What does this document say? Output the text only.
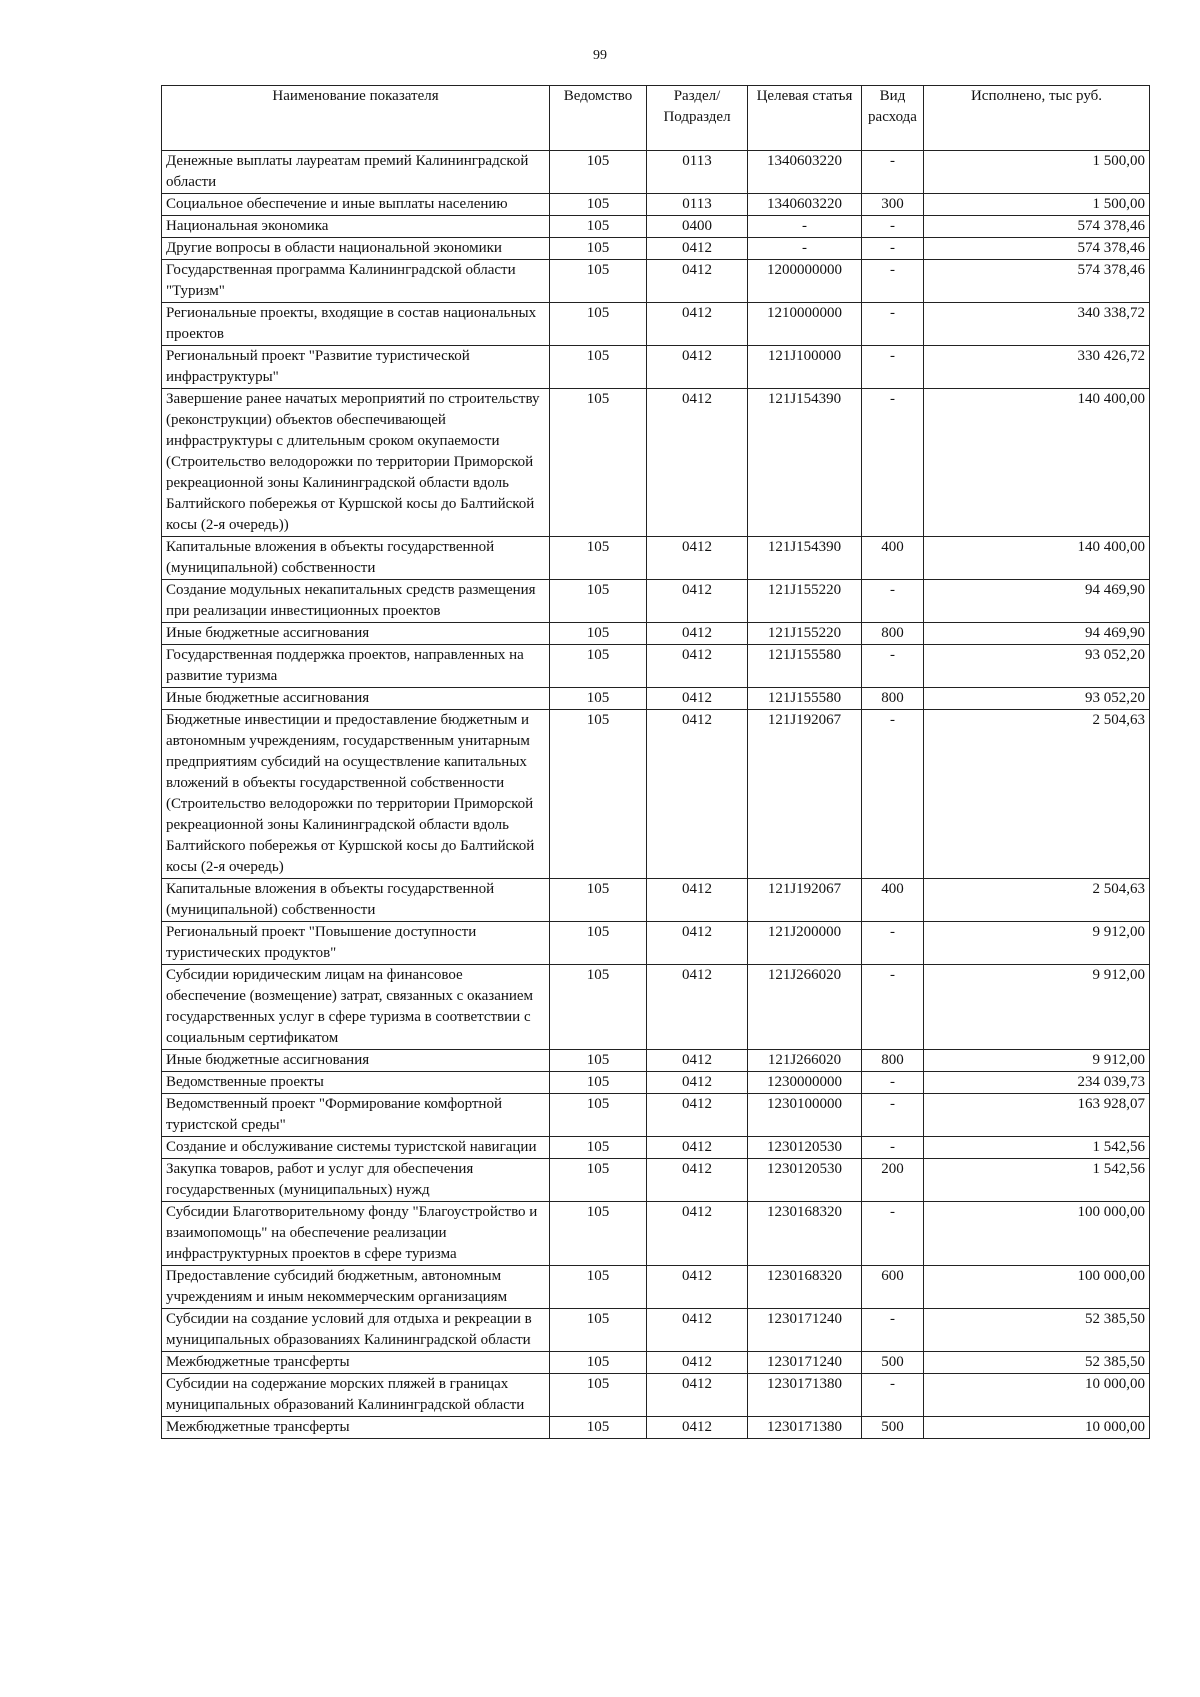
99
Наименование показателя	Ведомство	Раздел/ Подраздел	Целевая статья	Вид расхода	Исполнено, тыс руб.
Денежные выплаты лауреатам премий Калининградской области	105	0113	1340603220	-	1 500,00
Социальное обеспечение и иные выплаты населению	105	0113	1340603220	300	1 500,00
Национальная экономика	105	0400	-	-	574 378,46
Другие вопросы в области национальной экономики	105	0412	-	-	574 378,46
Государственная программа Калининградской области "Туризм"	105	0412	1200000000	-	574 378,46
Региональные проекты, входящие в состав национальных проектов	105	0412	1210000000	-	340 338,72
Региональный проект "Развитие туристической инфраструктуры"	105	0412	121J100000	-	330 426,72
Завершение ранее начатых мероприятий по строительству (реконструкции) объектов обеспечивающей инфраструктуры с длительным сроком окупаемости (Строительство велодорожки по территории Приморской рекреационной зоны Калининградской области вдоль Балтийского побережья от Куршской косы до Балтийской косы (2-я очередь))	105	0412	121J154390	-	140 400,00
Капитальные вложения в объекты государственной (муниципальной) собственности	105	0412	121J154390	400	140 400,00
Создание модульных некапитальных средств размещения при реализации инвестиционных проектов	105	0412	121J155220	-	94 469,90
Иные бюджетные ассигнования	105	0412	121J155220	800	94 469,90
Государственная поддержка проектов, направленных на развитие туризма	105	0412	121J155580	-	93 052,20
Иные бюджетные ассигнования	105	0412	121J155580	800	93 052,20
Бюджетные инвестиции и предоставление бюджетным и автономным учреждениям, государственным унитарным предприятиям субсидий на осуществление капитальных вложений в объекты государственной собственности (Строительство велодорожки по территории Приморской рекреационной зоны Калининградской области вдоль Балтийского побережья от Куршской косы до Балтийской косы (2-я очередь)	105	0412	121J192067	-	2 504,63
Капитальные вложения в объекты государственной (муниципальной) собственности	105	0412	121J192067	400	2 504,63
Региональный проект "Повышение доступности туристических продуктов"	105	0412	121J200000	-	9 912,00
Субсидии юридическим лицам на финансовое обеспечение (возмещение) затрат, связанных с оказанием государственных услуг в сфере туризма в соответствии с социальным сертификатом	105	0412	121J266020	-	9 912,00
Иные бюджетные ассигнования	105	0412	121J266020	800	9 912,00
Ведомственные проекты	105	0412	1230000000	-	234 039,73
Ведомственный проект "Формирование комфортной туристской среды"	105	0412	1230100000	-	163 928,07
Создание и обслуживание системы туристской навигации	105	0412	1230120530	-	1 542,56
Закупка товаров, работ и услуг для обеспечения государственных (муниципальных) нужд	105	0412	1230120530	200	1 542,56
Субсидии Благотворительному фонду "Благоустройство и взаимопомощь" на обеспечение реализации инфраструктурных проектов в сфере туризма	105	0412	1230168320	-	100 000,00
Предоставление субсидий бюджетным, автономным учреждениям и иным некоммерческим организациям	105	0412	1230168320	600	100 000,00
Субсидии на создание условий для отдыха и рекреации в муниципальных образованиях Калининградской области	105	0412	1230171240	-	52 385,50
Межбюджетные трансферты	105	0412	1230171240	500	52 385,50
Субсидии на содержание морских пляжей в границах муниципальных образований Калининградской области	105	0412	1230171380	-	10 000,00
Межбюджетные трансферты	105	0412	1230171380	500	10 000,00
